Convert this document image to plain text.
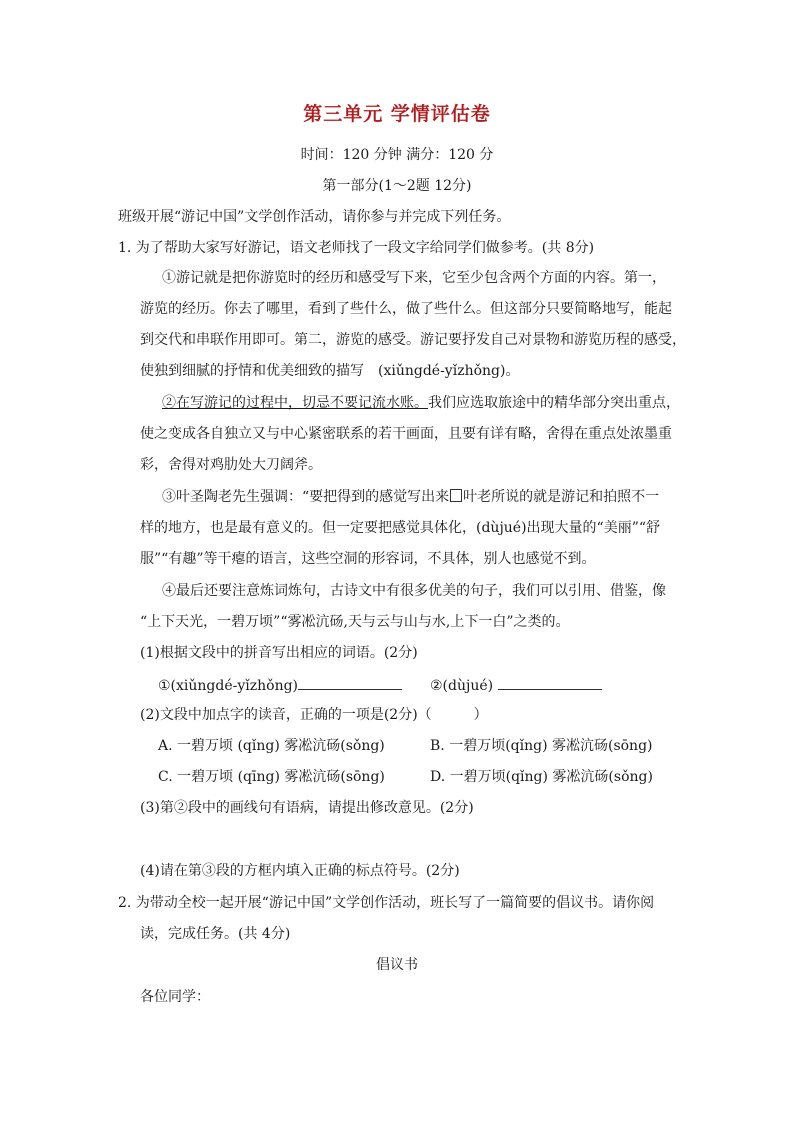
第三单元 学情评估卷
时间：120 分钟 满分：120 分
第一部分(1～2题 12分)
班级开展“游记中国”文学创作活动，请你参与并完成下列任务。
1. 为了帮助大家写好游记，语文老师找了一段文字给同学们做参考。(共 8分)
①游记就是把你游览时的经历和感受写下来，它至少包含两个方面的内容。第一，
游览的经历。你去了哪里，看到了些什么，做了些什么。但这部分只要简略地写，能起
到交代和串联作用即可。第二，游览的感受。游记要抒发自己对景物和游览历程的感受，
使独到细腻的抒情和优美细致的描写　(xiǔngdé-yǐzhǒng)。
②在写游记的过程中，切忌不要记流水账。我们应选取旅途中的精华部分突出重点，
使之变成各自独立又与中心紧密联系的若干画面，且要有详有略，舍得在重点处浓墨重
彩，舍得对鸡肋处大刀阔斧。
③叶圣陶老先生强调：“要把得到的感觉写出来 叶老所说的就是游记和拍照不一
样的地方，也是最有意义的。但一定要把感觉具体化，(dùjué)出现大量的“美丽”“舒
服”“有趣”等干瘪的语言，这些空洞的形容词，不具体，别人也感觉不到。
④最后还要注意炼词炼句，古诗文中有很多优美的句子，我们可以引用、借鉴，像
“上下天光，一碧万顷”“雾凇沆砀,天与云与山与水,上下一白”之类的。
(1)根据文段中的拼音写出相应的词语。(2分)
①(xiǔngdé-yǐzhǒng)	②(dùjué)
(2)文段中加点字的读音，正确的一项是(2分)（　　　）
A. 一碧万顷 (qǐng) 雾凇沆砀(sǒng)	B. 一碧万顷(qǐng) 雾凇沆砀(sōng)
C. 一碧万顷 (qīng) 雾凇沆砀(sōng)	D. 一碧万顷(qǐng) 雾凇沆砀(sǒng)
(3)第②段中的画线句有语病，请提出修改意见。(2分)
(4)请在第③段的方框内填入正确的标点符号。(2分)
2. 为带动全校一起开展“游记中国”文学创作活动，班长写了一篇简要的倡议书。请你阅
读，完成任务。(共 4分)
倡议书
各位同学：
